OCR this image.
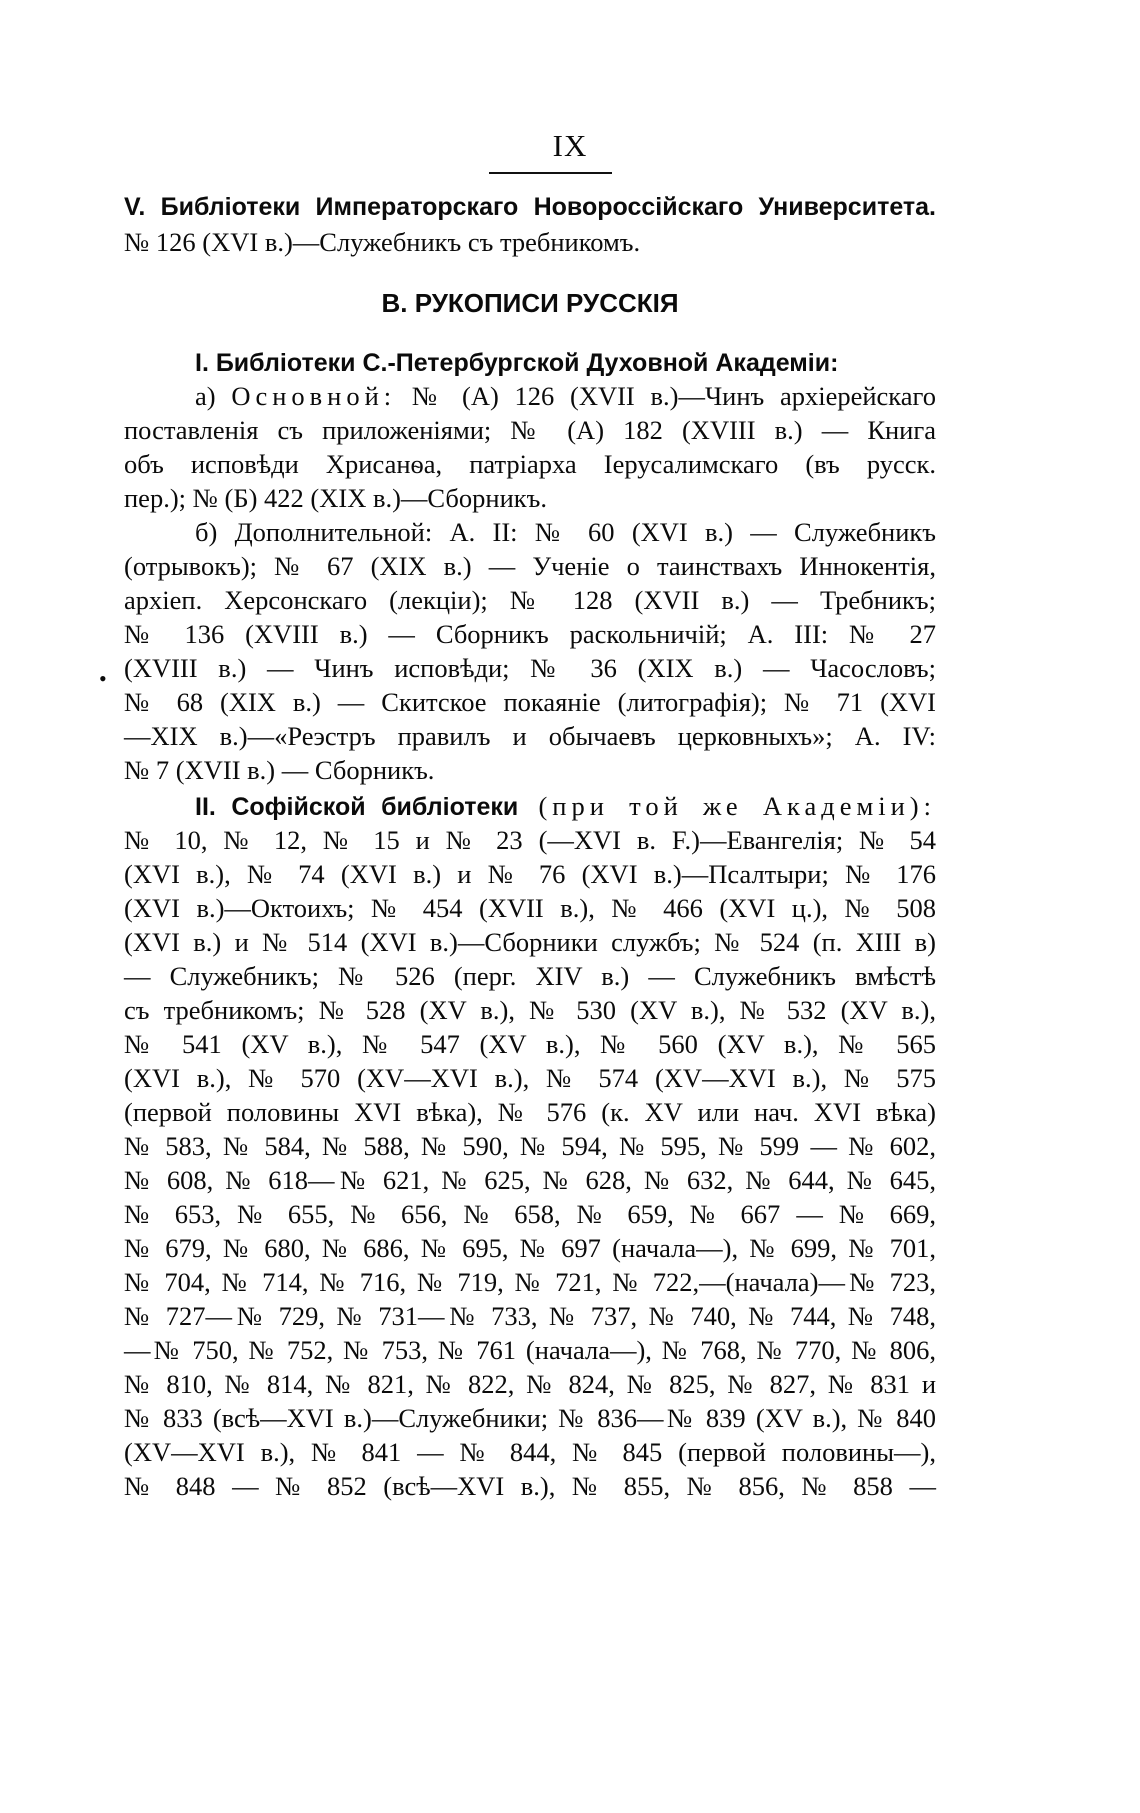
IX
V. Библіотеки Императорскаго Новороссійскаго Университета.
№ 126 (XVI в.)—Служебникъ съ требникомъ.
В. РУКОПИСИ РУССКІЯ
I. Библіотеки С.-Петербургской Духовной Академіи:
а) Основной: № (А) 126 (XVII в.)—Чинъ архіерейскаго
поставленія съ приложеніями; № (А) 182 (XVIII в.) — Книга
объ исповѣди Хрисанѳа, патріарха Іерусалимскаго (въ русск.
пер.); № (Б) 422 (XIX в.)—Сборникъ.
б) Дополнительной: А. II: № 60 (XVI в.) — Служебникъ
(отрывокъ); № 67 (XIX в.) — Ученіе о таинствахъ Иннокентія,
архіеп. Херсонскаго (лекціи); № 128 (XVII в.) — Требникъ;
•
№ 136 (XVIII в.) — Сборникъ раскольничій; А. III: № 27
(XVIII в.) — Чинъ исповѣди; № 36 (XIX в.) — Часословъ;
№ 68 (XIX в.) — Скитское покаяніе (литографія); № 71 (XVI
—XIX в.)—«Реэстръ правилъ и обычаевъ церковныхъ»; А. IV:
№ 7 (XVII в.) — Сборникъ.
II. Софійской библіотеки (при той же Академіи):
№ 10, № 12, № 15 и № 23 (—XVI в. F.)—Евангелія; № 54
(XVI в.), № 74 (XVI в.) и № 76 (XVI в.)—Псалтыри; № 176
(XVI в.)—Октоихъ; № 454 (XVII в.), № 466 (XVI ц.), № 508
(XVI в.) и № 514 (XVI в.)—Сборники службъ; № 524 (п. XIII в)
— Служебникъ; № 526 (перг. XIV в.) — Служебникъ вмѣстѣ
съ требникомъ; № 528 (XV в.), № 530 (XV в.), № 532 (XV в.),
№ 541 (XV в.), № 547 (XV в.), № 560 (XV в.), № 565
(XVI в.), № 570 (XV—XVI в.), № 574 (XV—XVI в.), № 575
(первой половины XVI вѣка), № 576 (к. XV или нач. XVI вѣка)
№ 583, № 584, № 588, № 590, № 594, № 595, № 599 — № 602,
№ 608, № 618—№ 621, № 625, № 628, № 632, № 644, № 645,
№ 653, № 655, № 656, № 658, № 659, № 667 — № 669,
№ 679, № 680, № 686, № 695, № 697 (начала—), № 699, № 701,
№ 704, № 714, № 716, № 719, № 721, № 722,—(начала)—№ 723,
№ 727—№ 729, № 731—№ 733, № 737, № 740, № 744, № 748,
—№ 750, № 752, № 753, № 761 (начала—), № 768, № 770, № 806,
№ 810, № 814, № 821, № 822, № 824, № 825, № 827, № 831 и
№ 833 (всѣ—XVI в.)—Служебники; № 836—№ 839 (XV в.), № 840
(XV—XVI в.), № 841 — № 844, № 845 (первой половины—),
№ 848 — № 852 (всѣ—XVI в.), № 855, № 856, № 858 —
